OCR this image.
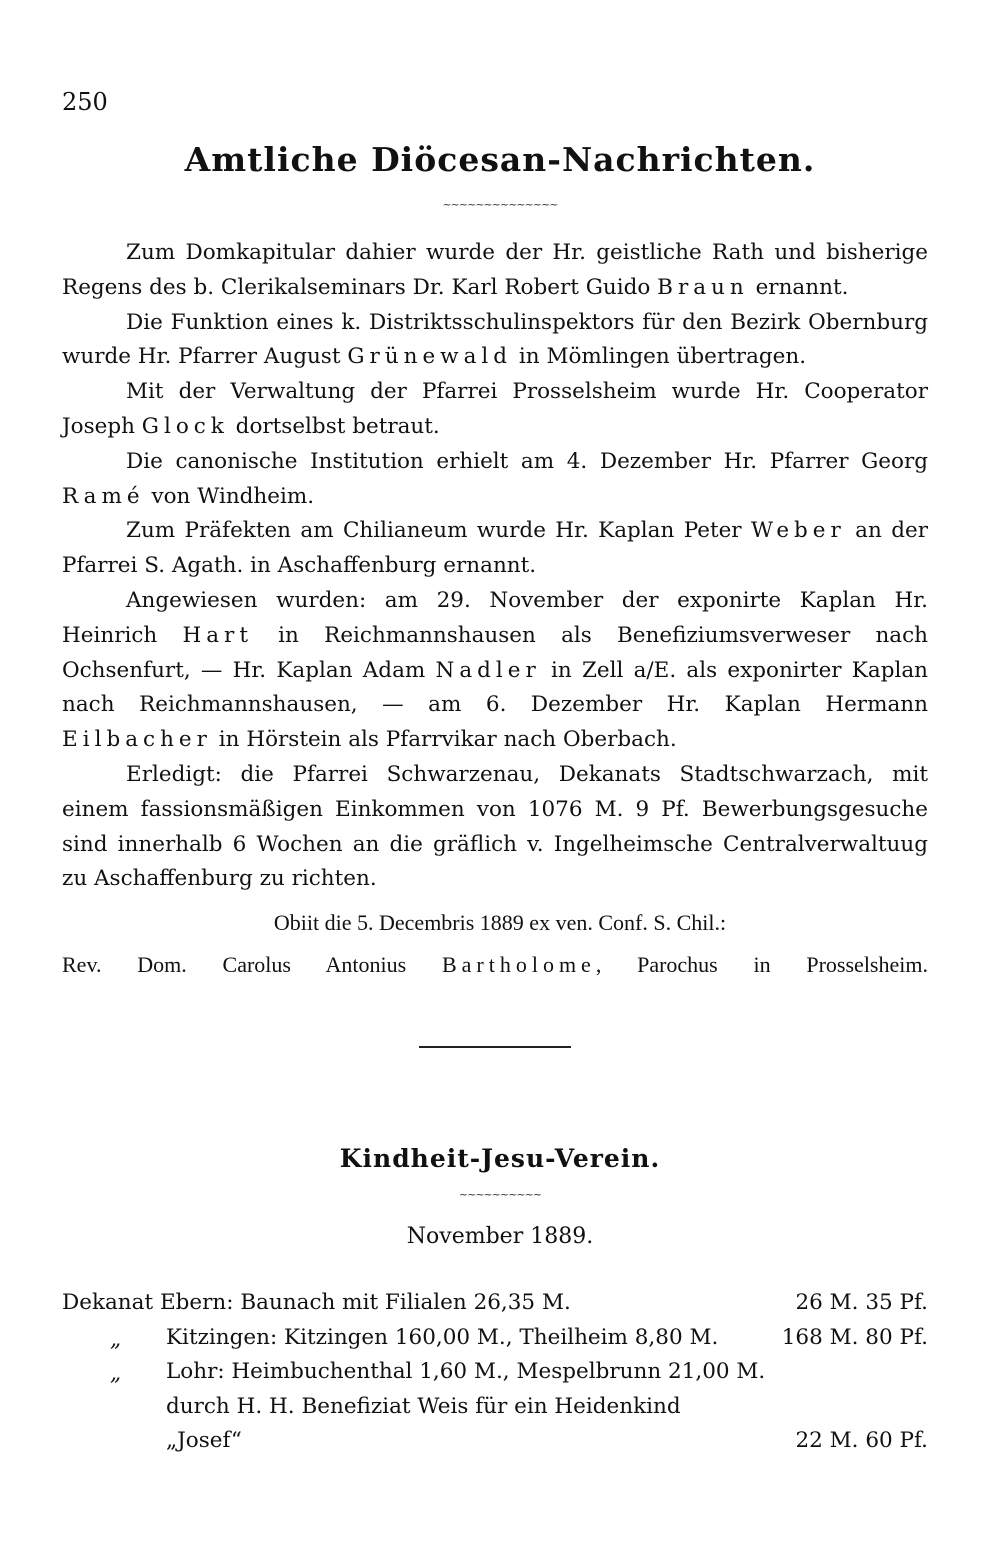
250
Amtliche Diöcesan-Nachrichten.
~~~~~~~~~~~~~~

Zum Domkapitular dahier wurde der Hr. geistliche Rath und bisherige Regens des b. Clerikalseminars Dr. Karl Robert Guido Braun ernannt.

Die Funktion eines k. Distriktsschulinspektors für den Bezirk Obernburg wurde Hr. Pfarrer August Grünewald in Mömlingen übertragen.

Mit der Verwaltung der Pfarrei Prosselsheim wurde Hr. Cooperator Joseph Glock dortselbst betraut.

Die canonische Institution erhielt am 4. Dezember Hr. Pfarrer Georg Ramé von Windheim.

Zum Präfekten am Chilianeum wurde Hr. Kaplan Peter Weber an der Pfarrei S. Agath. in Aschaffenburg ernannt.

Angewiesen wurden: am 29. November der exponirte Kaplan Hr. Heinrich Hart in Reichmannshausen als Benefiziumsverweser nach Ochsenfurt, — Hr. Kaplan Adam Nadler in Zell a/E. als exponirter Kaplan nach Reichmannshausen, — am 6. Dezember Hr. Kaplan Hermann Eilbacher in Hörstein als Pfarrvikar nach Oberbach.

Erledigt: die Pfarrei Schwarzenau, Dekanats Stadtschwarzach, mit einem fassionsmäßigen Einkommen von 1076 M. 9 Pf. Bewerbungsgesuche sind innerhalb 6 Wochen an die gräflich v. Ingelheimsche Centralverwaltuug zu Aschaffenburg zu richten.

Obiit die 5. Decembris 1889 ex ven. Conf. S. Chil.:
Rev. Dom. Carolus Antonius Bartholome, Parochus in Prosselsheim.
Kindheit-Jesu-Verein.
~~~~~~~~~~
November 1889.
Dekanat Ebern: Baunach mit Filialen 26,35 M.	26 M. 35 Pf.
„ Kitzingen: Kitzingen 160,00 M., Theilheim 8,80 M.	168 M. 80 Pf.
„ Lohr: Heimbuchenthal 1,60 M., Mespelbrunn 21,00 M.
durch H. H. Benefiziat Weis für ein Heidenkind
„Josef“	22 M. 60 Pf.
